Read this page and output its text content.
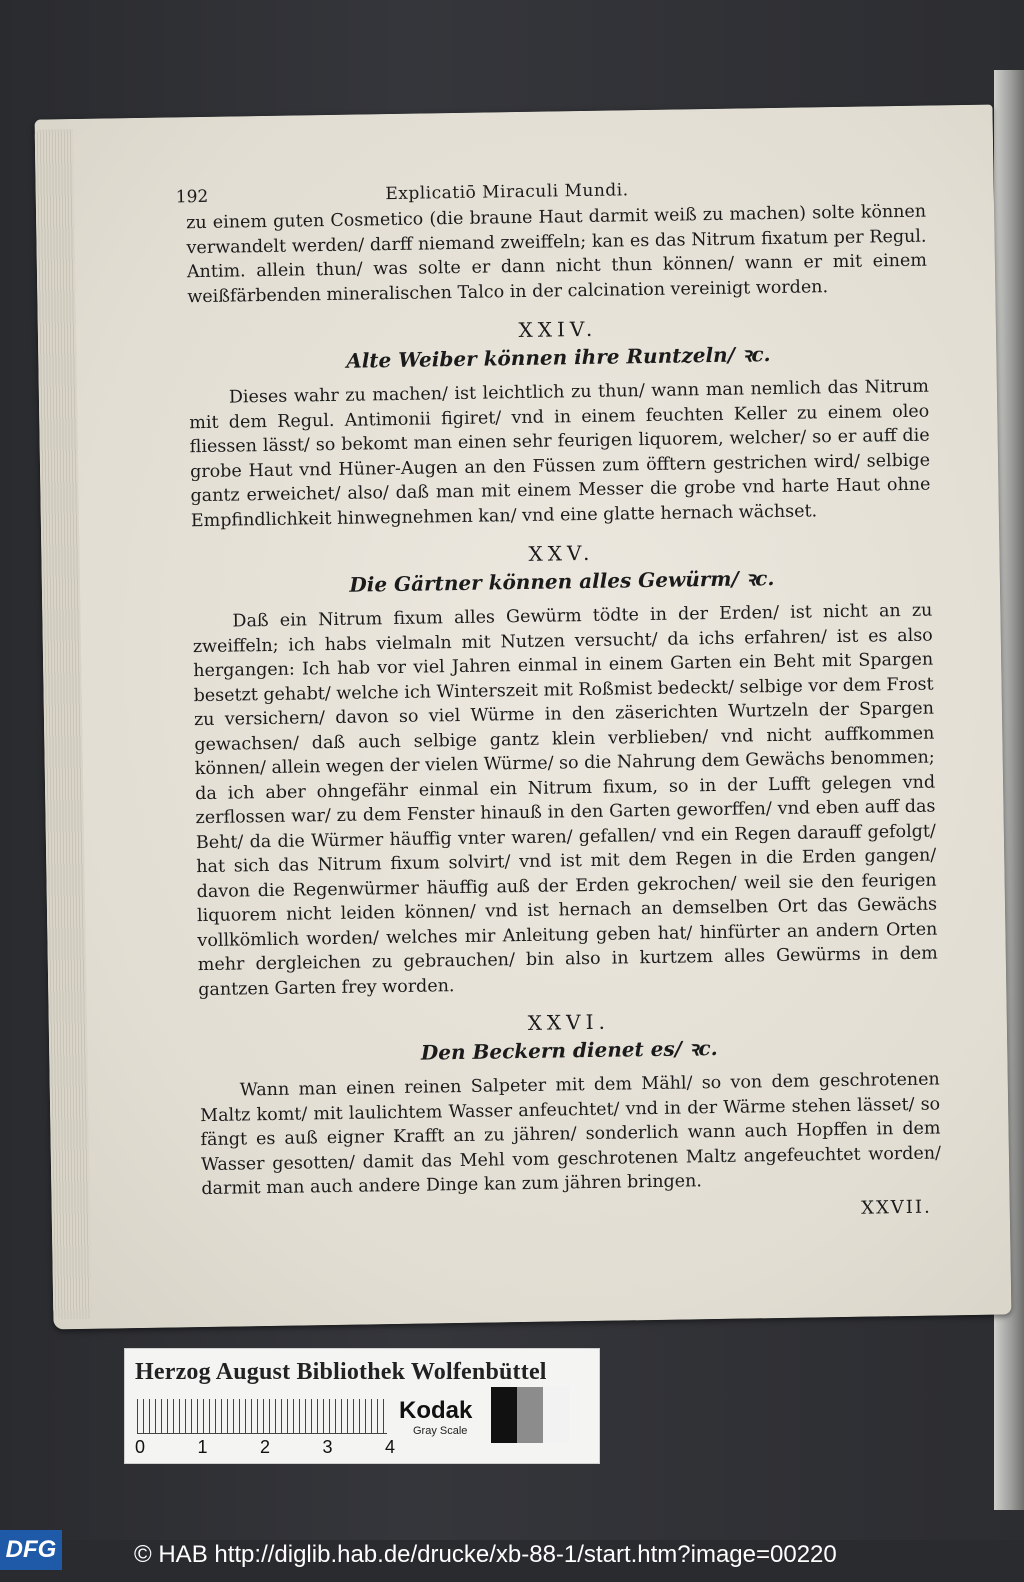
192	Explicatiō Miraculi Mundi.

zu einem guten Cosmetico (die braune Haut darmit weiß zu machen) solte können verwandelt werden/ darff niemand zweiffeln; kan es das Nitrum fixatum per Regul. Antim. allein thun/ was solte er dann nicht thun können/ wann er mit einem weißfärbenden mineralischen Talco in der calcination vereinigt worden.

XXIV.
Alte Weiber können ihre Runtzeln/ ꝛc.

Dieses wahr zu machen/ ist leichtlich zu thun/ wann man nemlich das Nitrum mit dem Regul. Antimonii figiret/ vnd in einem feuchten Keller zu einem oleo fliessen lässt/ so bekomt man einen sehr feurigen liquorem, welcher/ so er auff die grobe Haut vnd Hüner-Augen an den Füssen zum öfftern gestrichen wird/ selbige gantz erweichet/ also/ daß man mit einem Messer die grobe vnd harte Haut ohne Empfindlichkeit hinwegnehmen kan/ vnd eine glatte hernach wächset.

XXV.
Die Gärtner können alles Gewürm/ ꝛc.

Daß ein Nitrum fixum alles Gewürm tödte in der Erden/ ist nicht an zu zweiffeln; ich habs vielmaln mit Nutzen versucht/ da ichs erfahren/ ist es also hergangen: Ich hab vor viel Jahren einmal in einem Garten ein Beht mit Spargen besetzt gehabt/ welche ich Winterszeit mit Roßmist bedeckt/ selbige vor dem Frost zu versichern/ davon so viel Würme in den zäserichten Wurtzeln der Spargen gewachsen/ daß auch selbige gantz klein verblieben/ vnd nicht auffkommen können/ allein wegen der vielen Würme/ so die Nahrung dem Gewächs benommen; da ich aber ohngefähr einmal ein Nitrum fixum, so in der Lufft gelegen vnd zerflossen war/ zu dem Fenster hinauß in den Garten geworffen/ vnd eben auff das Beht/ da die Würmer häuffig vnter waren/ gefallen/ vnd ein Regen darauff gefolgt/ hat sich das Nitrum fixum solvirt/ vnd ist mit dem Regen in die Erden gangen/ davon die Regenwürmer häuffig auß der Erden gekrochen/ weil sie den feurigen liquorem nicht leiden können/ vnd ist hernach an demselben Ort das Gewächs vollkömlich worden/ welches mir Anleitung geben hat/ hinfürter an andern Orten mehr dergleichen zu gebrauchen/ bin also in kurtzem alles Gewürms in dem gantzen Garten frey worden.

XXVI.
Den Beckern dienet es/ ꝛc.

Wann man einen reinen Salpeter mit dem Mähl/ so von dem geschrotenen Maltz komt/ mit laulichtem Wasser anfeuchtet/ vnd in der Wärme stehen lässet/ so fängt es auß eigner Krafft an zu jähren/ sonderlich wann auch Hopffen in dem Wasser gesotten/ damit das Mehl vom geschrotenen Maltz angefeuchtet worden/ darmit man auch andere Dinge kan zum jähren bringen.

XXVII.
Herzog August Bibliothek Wolfenbüttel
0	1	2	3	4
Kodak
Gray Scale
DFG	© HAB http://diglib.hab.de/drucke/xb-88-1/start.htm?image=00220
